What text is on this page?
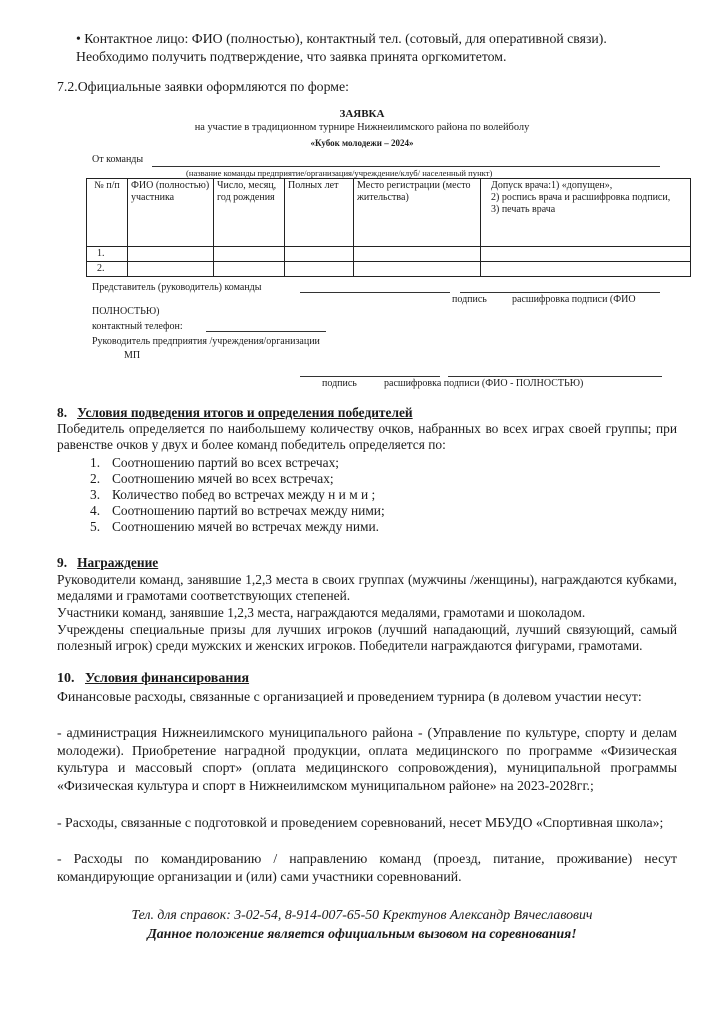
• Контактное лицо: ФИО (полностью), контактный тел. (сотовый, для оперативной связи).
Необходимо получить подтверждение, что заявка принята оргкомитетом.
7.2.Официальные заявки оформляются по форме:
ЗАЯВКА
на участие в традиционном турнире Нижнеилимского района по волейболу
«Кубок молодежи – 2024»
От команды
(название команды предприятие/организация/учреждение/клуб/ населенный пункт)
№ п/п	ФИО (полностью) участника	Число, месяц, год рождения	Полных лет	Место регистрации (место жительства)	Допуск врача:1) «допущен»,
2) роспись врача и расшифровка подписи,
3) печать врача
1.					
2.					
Представитель (руководитель) команды
подпись	расшифровка подписи (ФИО
ПОЛНОСТЬЮ)
контактный телефон:
Руководитель предприятия /учреждения/организации
МП
подпись	расшифровка подписи (ФИО - ПОЛНОСТЬЮ)
8. Условия подведения итогов и определения победителей
Победитель определяется по наибольшему количеству очков, набранных во всех играх своей группы; при равенстве очков у двух и более команд победитель определяется по:
1. Соотношению партий во всех встречах;
2. Соотношению мячей во всех встречах;
3. Количество побед во встречах между н и м и ;
4. Соотношению партий во встречах между ними;
5. Соотношению мячей во встречах между ними.
9. Награждение
Руководители команд, занявшие 1,2,3 места в своих группах (мужчины /женщины), награждаются кубками, медалями и грамотами соответствующих степеней.
Участники команд, занявшие 1,2,3 места, награждаются медалями, грамотами и шоколадом.
Учреждены специальные призы для лучших игроков (лучший нападающий, лучший связующий, самый полезный игрок) среди мужских и женских игроков. Победители награждаются фигурами, грамотами.
10. Условия финансирования
Финансовые расходы, связанные с организацией и проведением турнира (в долевом участии несут:
- администрация Нижнеилимского муниципального района - (Управление по культуре, спорту и делам молодежи). Приобретение наградной продукции, оплата медицинского по программе «Физическая культура и массовый спорт» (оплата медицинского сопровождения), муниципальной программы «Физическая культура и спорт в Нижнеилимском муниципальном районе» на 2023-2028гг.;
- Расходы, связанные с подготовкой и проведением соревнований, несет МБУДО «Спортивная школа»;
- Расходы по командированию / направлению команд (проезд, питание, проживание) несут командирующие организации и (или) сами участники соревнований.
Тел. для справок: 3-02-54, 8-914-007-65-50 Кректунов Александр Вячеславович
Данное положение является официальным вызовом на соревнования!
